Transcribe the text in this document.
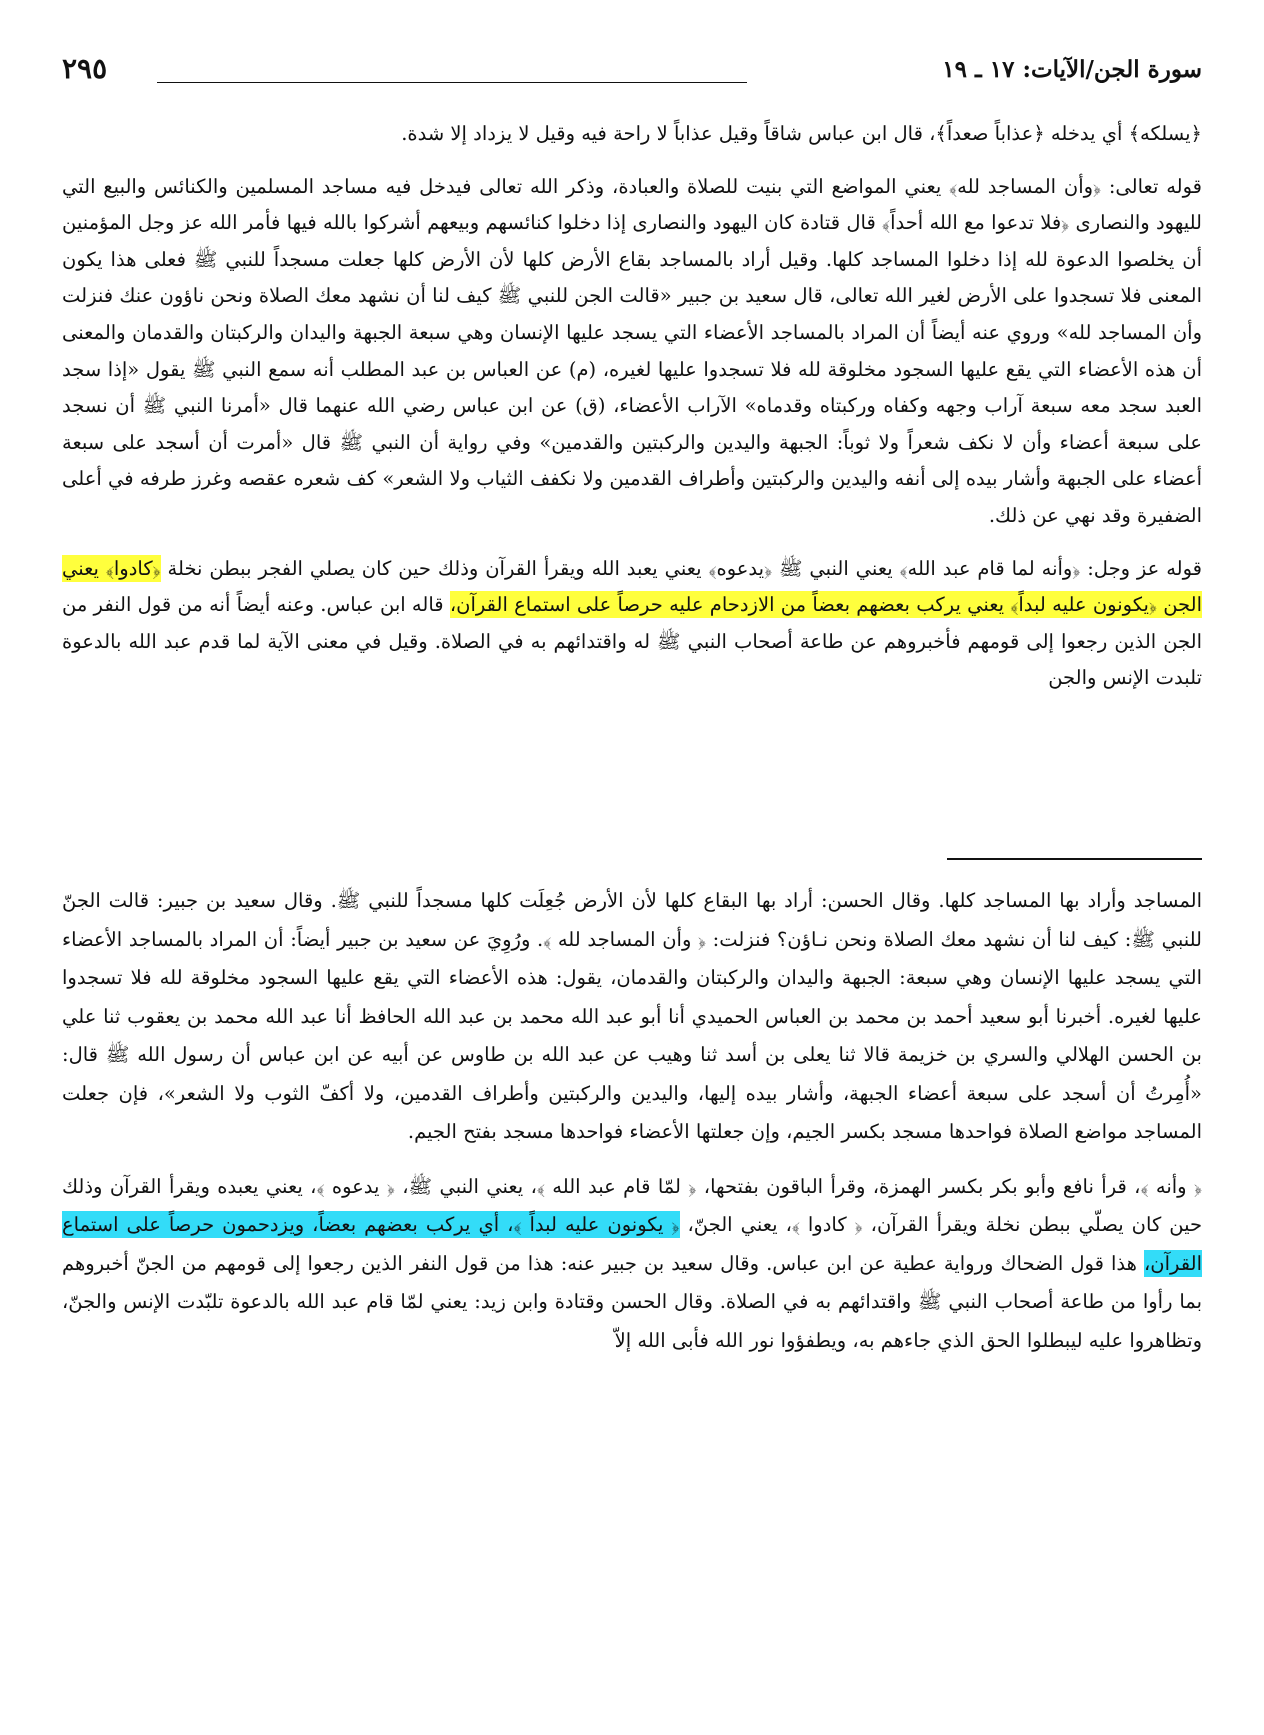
سورة الجن/الآيات: ١٧ ـ ١٩
٢٩٥

﴿يسلكه﴾ أي يدخله ﴿عذاباً صعداً﴾، قال ابن عباس شاقاً وقيل عذاباً لا راحة فيه وقيل لا يزداد إلا شدة.

قوله تعالى: ﴿وأن المساجد لله﴾ يعني المواضع التي بنيت للصلاة والعبادة، وذكر الله تعالى فيدخل فيه مساجد المسلمين والكنائس والبيع التي لليهود والنصارى ﴿فلا تدعوا مع الله أحداً﴾ قال قتادة كان اليهود والنصارى إذا دخلوا كنائسهم وبيعهم أشركوا بالله فيها فأمر الله عز وجل المؤمنين أن يخلصوا الدعوة لله إذا دخلوا المساجد كلها. وقيل أراد بالمساجد بقاع الأرض كلها لأن الأرض كلها جعلت مسجداً للنبي ﷺ فعلى هذا يكون المعنى فلا تسجدوا على الأرض لغير الله تعالى، قال سعيد بن جبير «قالت الجن للنبي ﷺ كيف لنا أن نشهد معك الصلاة ونحن ناؤون عنك فنزلت وأن المساجد لله» وروي عنه أيضاً أن المراد بالمساجد الأعضاء التي يسجد عليها الإنسان وهي سبعة الجبهة واليدان والركبتان والقدمان والمعنى أن هذه الأعضاء التي يقع عليها السجود مخلوقة لله فلا تسجدوا عليها لغيره، (م) عن العباس بن عبد المطلب أنه سمع النبي ﷺ يقول «إذا سجد العبد سجد معه سبعة آراب وجهه وكفاه وركبتاه وقدماه» الآراب الأعضاء، (ق) عن ابن عباس رضي الله عنهما قال «أمرنا النبي ﷺ أن نسجد على سبعة أعضاء وأن لا نكف شعراً ولا ثوباً: الجبهة واليدين والركبتين والقدمين» وفي رواية أن النبي ﷺ قال «أمرت أن أسجد على سبعة أعضاء على الجبهة وأشار بيده إلى أنفه واليدين والركبتين وأطراف القدمين ولا نكفف الثياب ولا الشعر» كف شعره عقصه وغرز طرفه في أعلى الضفيرة وقد نهي عن ذلك.

قوله عز وجل: ﴿وأنه لما قام عبد الله﴾ يعني النبي ﷺ ﴿يدعوه﴾ يعني يعبد الله ويقرأ القرآن وذلك حين كان يصلي الفجر ببطن نخلة ﴿كادوا﴾ يعني الجن ﴿يكونون عليه لبداً﴾ يعني يركب بعضهم بعضاً من الازدحام عليه حرصاً على استماع القرآن، قاله ابن عباس. وعنه أيضاً أنه من قول النفر من الجن الذين رجعوا إلى قومهم فأخبروهم عن طاعة أصحاب النبي ﷺ له واقتدائهم به في الصلاة. وقيل في معنى الآية لما قدم عبد الله بالدعوة تلبدت الإنس والجن

المساجد وأراد بها المساجد كلها. وقال الحسن: أراد بها البقاع كلها لأن الأرض جُعِلَت كلها مسجداً للنبي ﷺ. وقال سعيد بن جبير: قالت الجنّ للنبي ﷺ: كيف لنا أن نشهد معك الصلاة ونحن نـاؤن؟ فنزلت: ﴿ وأن المساجد لله ﴾. ورُوِيَ عن سعيد بن جبير أيضاً: أن المراد بالمساجد الأعضاء التي يسجد عليها الإنسان وهي سبعة: الجبهة واليدان والركبتان والقدمان، يقول: هذه الأعضاء التي يقع عليها السجود مخلوقة لله فلا تسجدوا عليها لغيره. أخبرنا أبو سعيد أحمد بن محمد بن العباس الحميدي أنا أبو عبد الله محمد بن عبد الله الحافظ أنا عبد الله محمد بن يعقوب ثنا علي بن الحسن الهلالي والسري بن خزيمة قالا ثنا يعلى بن أسد ثنا وهيب عن عبد الله بن طاوس عن أبيه عن ابن عباس أن رسول الله ﷺ قال: «أُمِرتُ أن أسجد على سبعة أعضاء الجبهة، وأشار بيده إليها، واليدين والركبتين وأطراف القدمين، ولا أكفّ الثوب ولا الشعر»، فإن جعلت المساجد مواضع الصلاة فواحدها مسجد بكسر الجيم، وإن جعلتها الأعضاء فواحدها مسجد بفتح الجيم.

﴿ وأنه ﴾، قرأ نافع وأبو بكر بكسر الهمزة، وقرأ الباقون بفتحها، ﴿ لمّا قام عبد الله ﴾، يعني النبي ﷺ، ﴿ يدعوه ﴾، يعني يعبده ويقرأ القرآن وذلك حين كان يصلّي ببطن نخلة ويقرأ القرآن، ﴿ كادوا ﴾، يعني الجنّ، ﴿ يكونون عليه لبداً ﴾، أي يركب بعضهم بعضاً، ويزدحمون حرصاً على استماع القرآن، هذا قول الضحاك ورواية عطية عن ابن عباس. وقال سعيد بن جبير عنه: هذا من قول النفر الذين رجعوا إلى قومهم من الجنّ أخبروهم بما رأوا من طاعة أصحاب النبي ﷺ واقتدائهم به في الصلاة. وقال الحسن وقتادة وابن زيد: يعني لمّا قام عبد الله بالدعوة تلبّدت الإنس والجنّ، وتظاهروا عليه ليبطلوا الحق الذي جاءهم به، ويطفؤوا نور الله فأبى الله إلاّ
